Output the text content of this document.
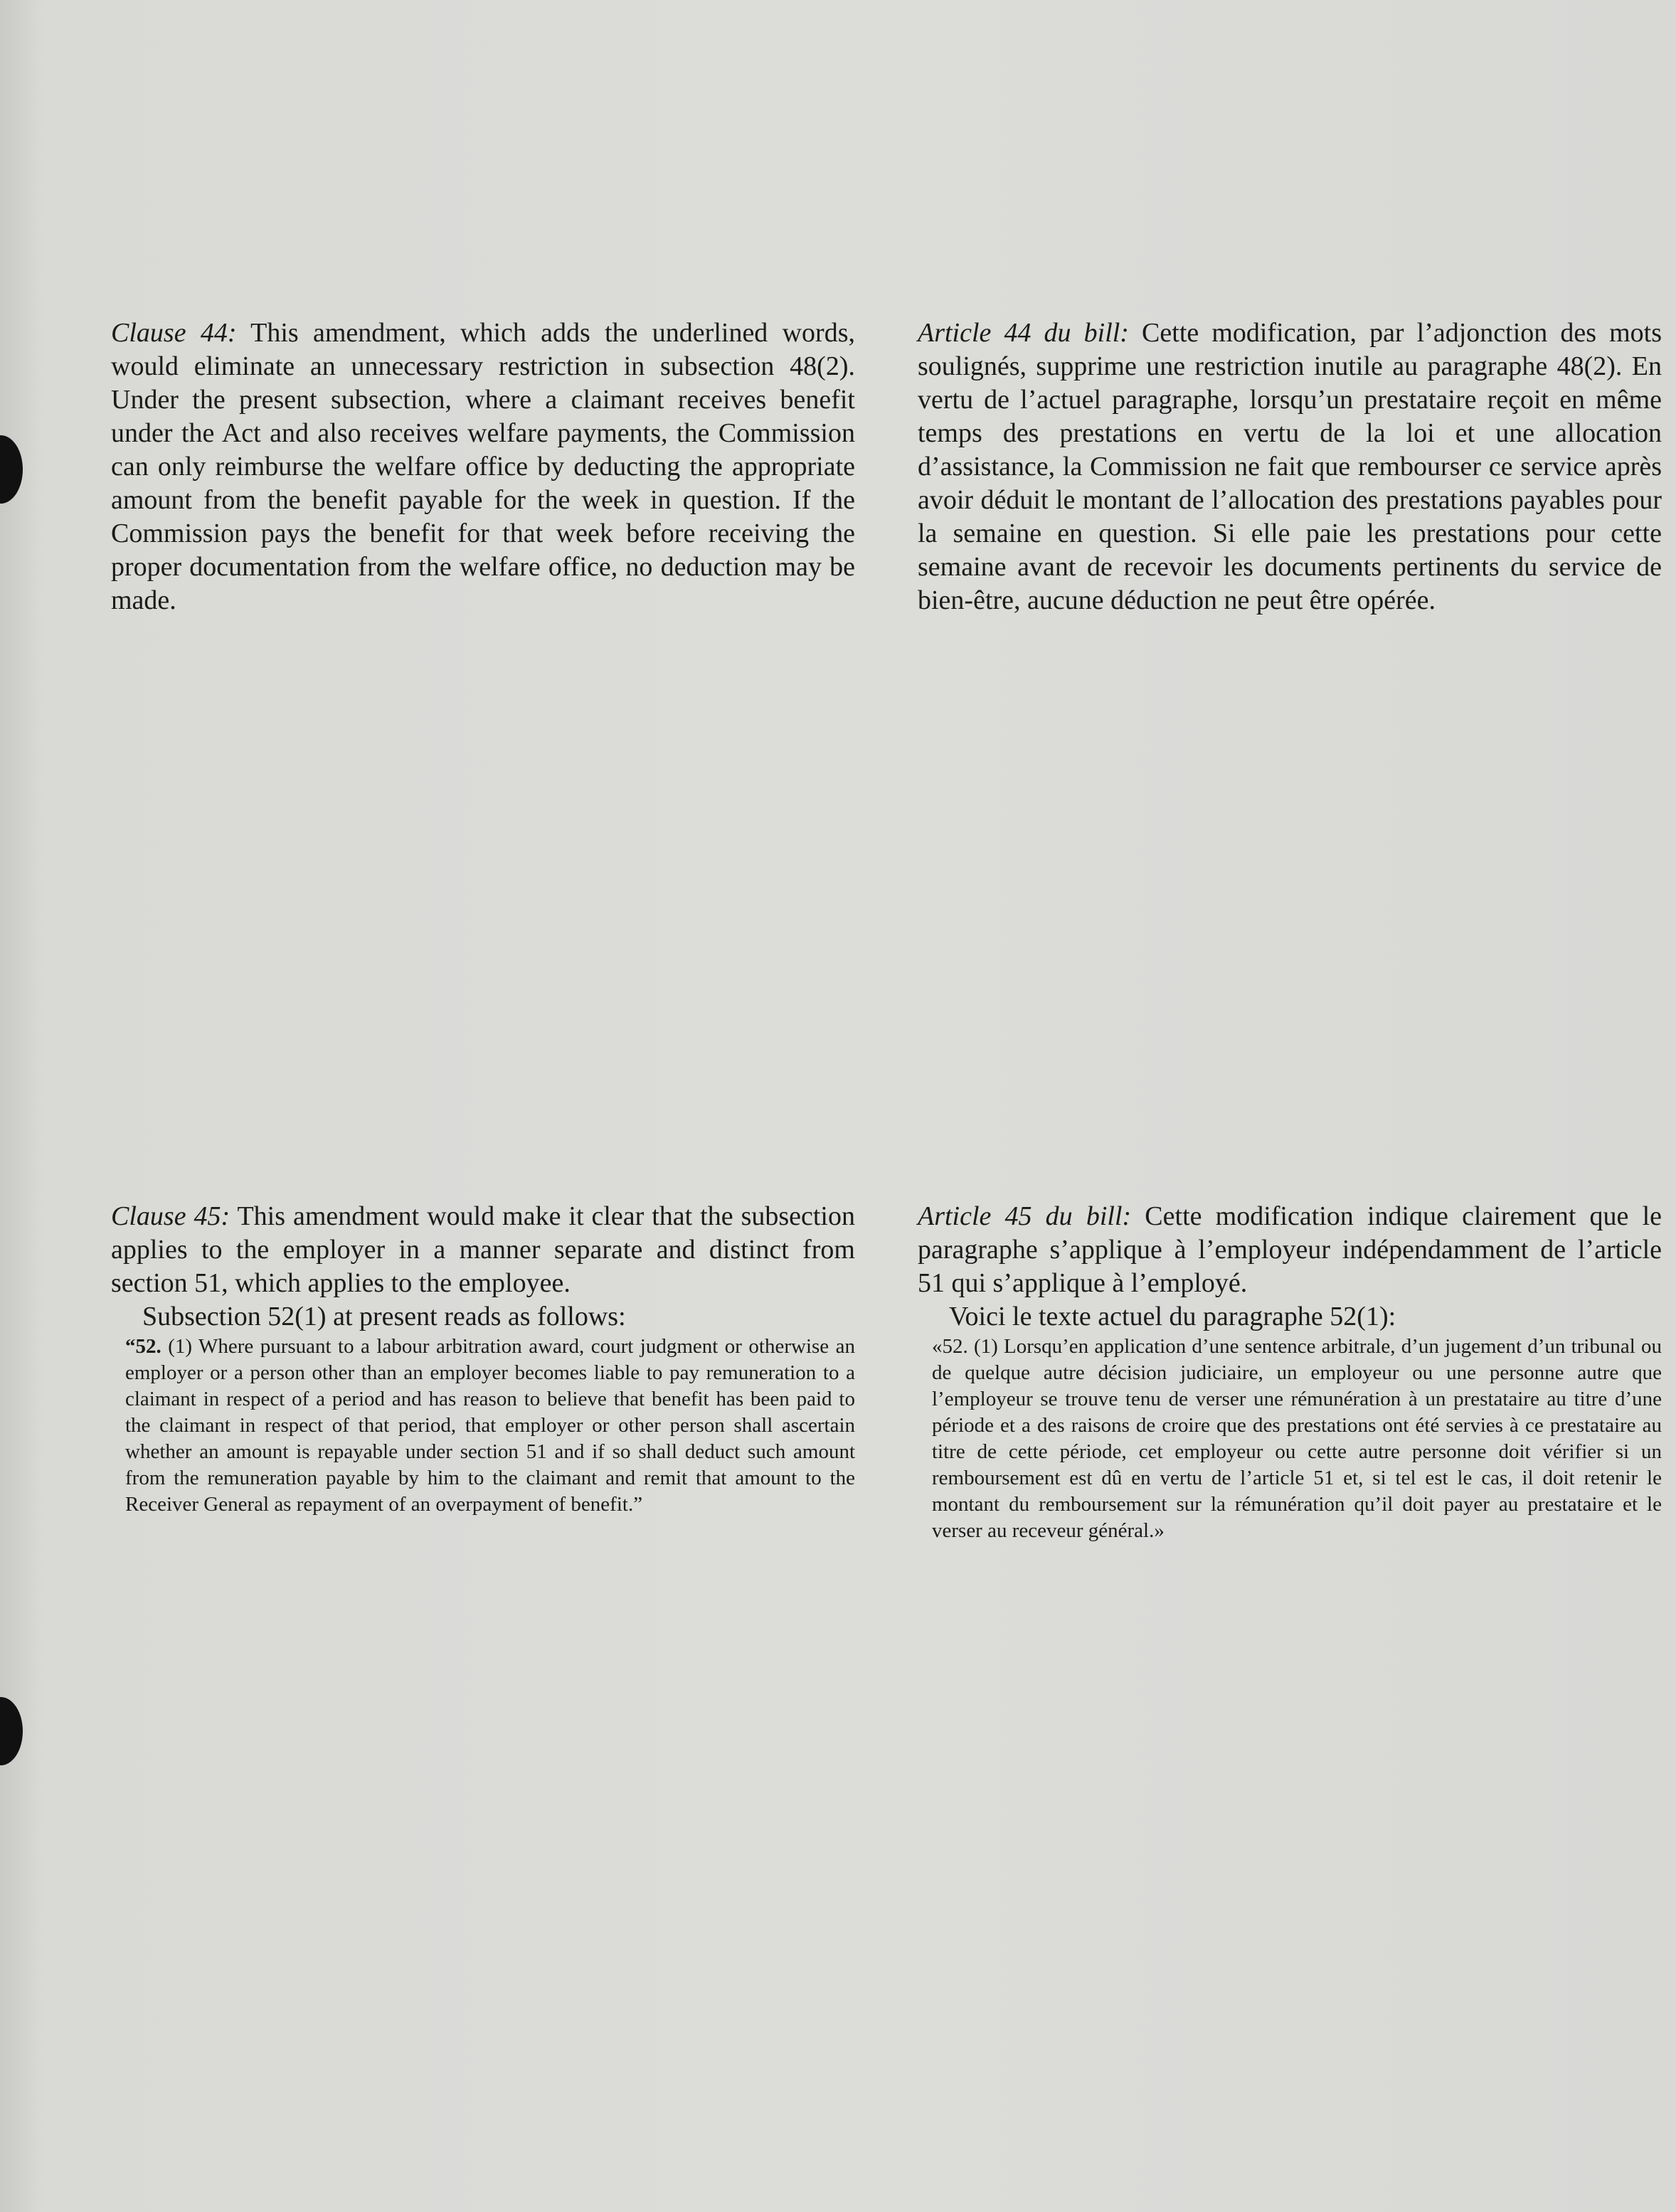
Clause 44: This amendment, which adds the underlined words, would eliminate an unnecessary restriction in subsection 48(2). Under the present subsection, where a claimant receives benefit under the Act and also receives welfare payments, the Commission can only reimburse the welfare office by deducting the appropriate amount from the benefit payable for the week in question. If the Commission pays the benefit for that week before receiving the proper documentation from the welfare office, no deduction may be made.

Article 44 du bill: Cette modification, par l’adjonction des mots soulignés, supprime une restriction inutile au paragraphe 48(2). En vertu de l’actuel paragraphe, lorsqu’un prestataire reçoit en même temps des prestations en vertu de la loi et une allocation d’assistance, la Commission ne fait que rembourser ce service après avoir déduit le montant de l’allocation des prestations payables pour la semaine en question. Si elle paie les prestations pour cette semaine avant de recevoir les documents pertinents du service de bien-être, aucune déduction ne peut être opérée.

Clause 45: This amendment would make it clear that the subsection applies to the employer in a manner separate and distinct from section 51, which applies to the employee.

Subsection 52(1) at present reads as follows:

“52. (1) Where pursuant to a labour arbitration award, court judgment or otherwise an employer or a person other than an employer becomes liable to pay remuneration to a claimant in respect of a period and has reason to believe that benefit has been paid to the claimant in respect of that period, that employer or other person shall ascertain whether an amount is repayable under section 51 and if so shall deduct such amount from the remuneration payable by him to the claimant and remit that amount to the Receiver General as repayment of an overpayment of benefit.”

Article 45 du bill: Cette modification indique clairement que le paragraphe s’applique à l’employeur indépendamment de l’article 51 qui s’applique à l’employé.

Voici le texte actuel du paragraphe 52(1):

«52. (1) Lorsqu’en application d’une sentence arbitrale, d’un jugement d’un tribunal ou de quelque autre décision judiciaire, un employeur ou une personne autre que l’employeur se trouve tenu de verser une rémunération à un prestataire au titre d’une période et a des raisons de croire que des prestations ont été servies à ce prestataire au titre de cette période, cet employeur ou cette autre personne doit vérifier si un remboursement est dû en vertu de l’article 51 et, si tel est le cas, il doit retenir le montant du remboursement sur la rémunération qu’il doit payer au prestataire et le verser au receveur général.»
